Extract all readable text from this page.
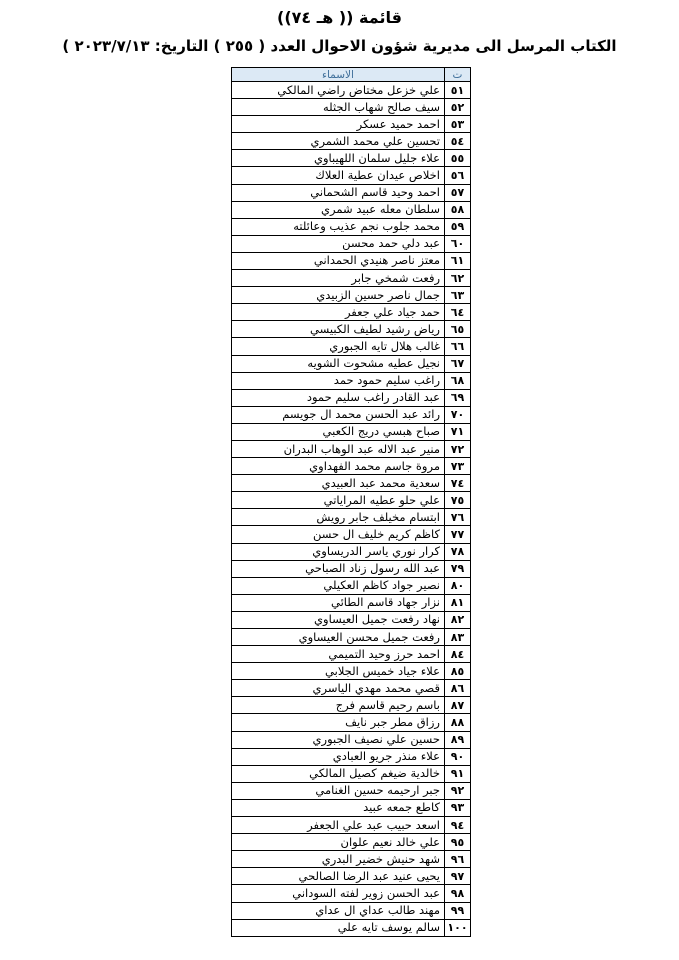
قائمة (( هـ ٧٤))
الكتاب المرسل الى مديرية شؤون الاحوال العدد ( ٢٥٥ ) التاريخ: ٢٠٢٣/٧/١٣ )
ت	الاسماء
٥١	علي خزعل مختاض راضي المالكي
٥٢	سيف صالح شهاب الجثله
٥٣	احمد حميد عسكر
٥٤	تحسين علي محمد الشمري
٥٥	علاء جليل سلمان اللهيباوي
٥٦	اخلاص عيدان عطية العلاك
٥٧	احمد وحيد قاسم الشحماني
٥٨	سلطان معله عبيد شمري
٥٩	محمد جلوب نجم عذيب وعائلته
٦٠	عبد دلي حمد محسن
٦١	معتز ناصر هنيدي الحمداني
٦٢	رفعت شمخي جابر
٦٣	جمال ناصر حسين الزبيدي
٦٤	حمد جياد علي جعفر
٦٥	رياض رشيد لطيف الكبيسي
٦٦	غالب هلال تايه الجبوري
٦٧	نجيل عطيه مشحوت الشويه
٦٨	راغب سليم حمود حمد
٦٩	عبد القادر راغب سليم حمود
٧٠	رائد عبد الحسن محمد ال جويسم
٧١	صباح هبسي دريج الكعبي
٧٢	منير عبد الاله عبد الوهاب البدران
٧٣	مروة جاسم محمد الفهداوي
٧٤	سعدية محمد عبد العبيدي
٧٥	علي حلو عطيه المراياتي
٧٦	ابتسام مخيلف جابر رويش
٧٧	كاظم كريم خليف ال حسن
٧٨	كرار نوري ياسر الدريساوي
٧٩	عبد الله رسول زناد الصباحي
٨٠	نصير جواد كاظم العكيلي
٨١	نزار جهاد قاسم الطائي
٨٢	نهاد رفعت جميل العيساوي
٨٣	رفعت جميل محسن العيساوي
٨٤	احمد حرز وحيد التميمي
٨٥	علاء جياد خميس الجلابي
٨٦	قصي محمد مهدي الياسري
٨٧	باسم رحيم قاسم فرج
٨٨	رزاق مطر جبر نايف
٨٩	حسين علي نصيف الجبوري
٩٠	علاء منذر جريو العبادي
٩١	خالدية ضيغم كصيل المالكي
٩٢	جبر ارحيمه حسين الغنامي
٩٣	كاطع جمعه عبيد
٩٤	اسعد حبيب عبد علي الجعفر
٩٥	علي خالد نعيم علوان
٩٦	شهد حنيش خضير البدري
٩٧	يحيى عنيد عبد الرضا الصالحي
٩٨	عبد الحسن زوير لفته السوداني
٩٩	مهند طالب عداي ال عداي
١٠٠	سالم يوسف تايه علي
